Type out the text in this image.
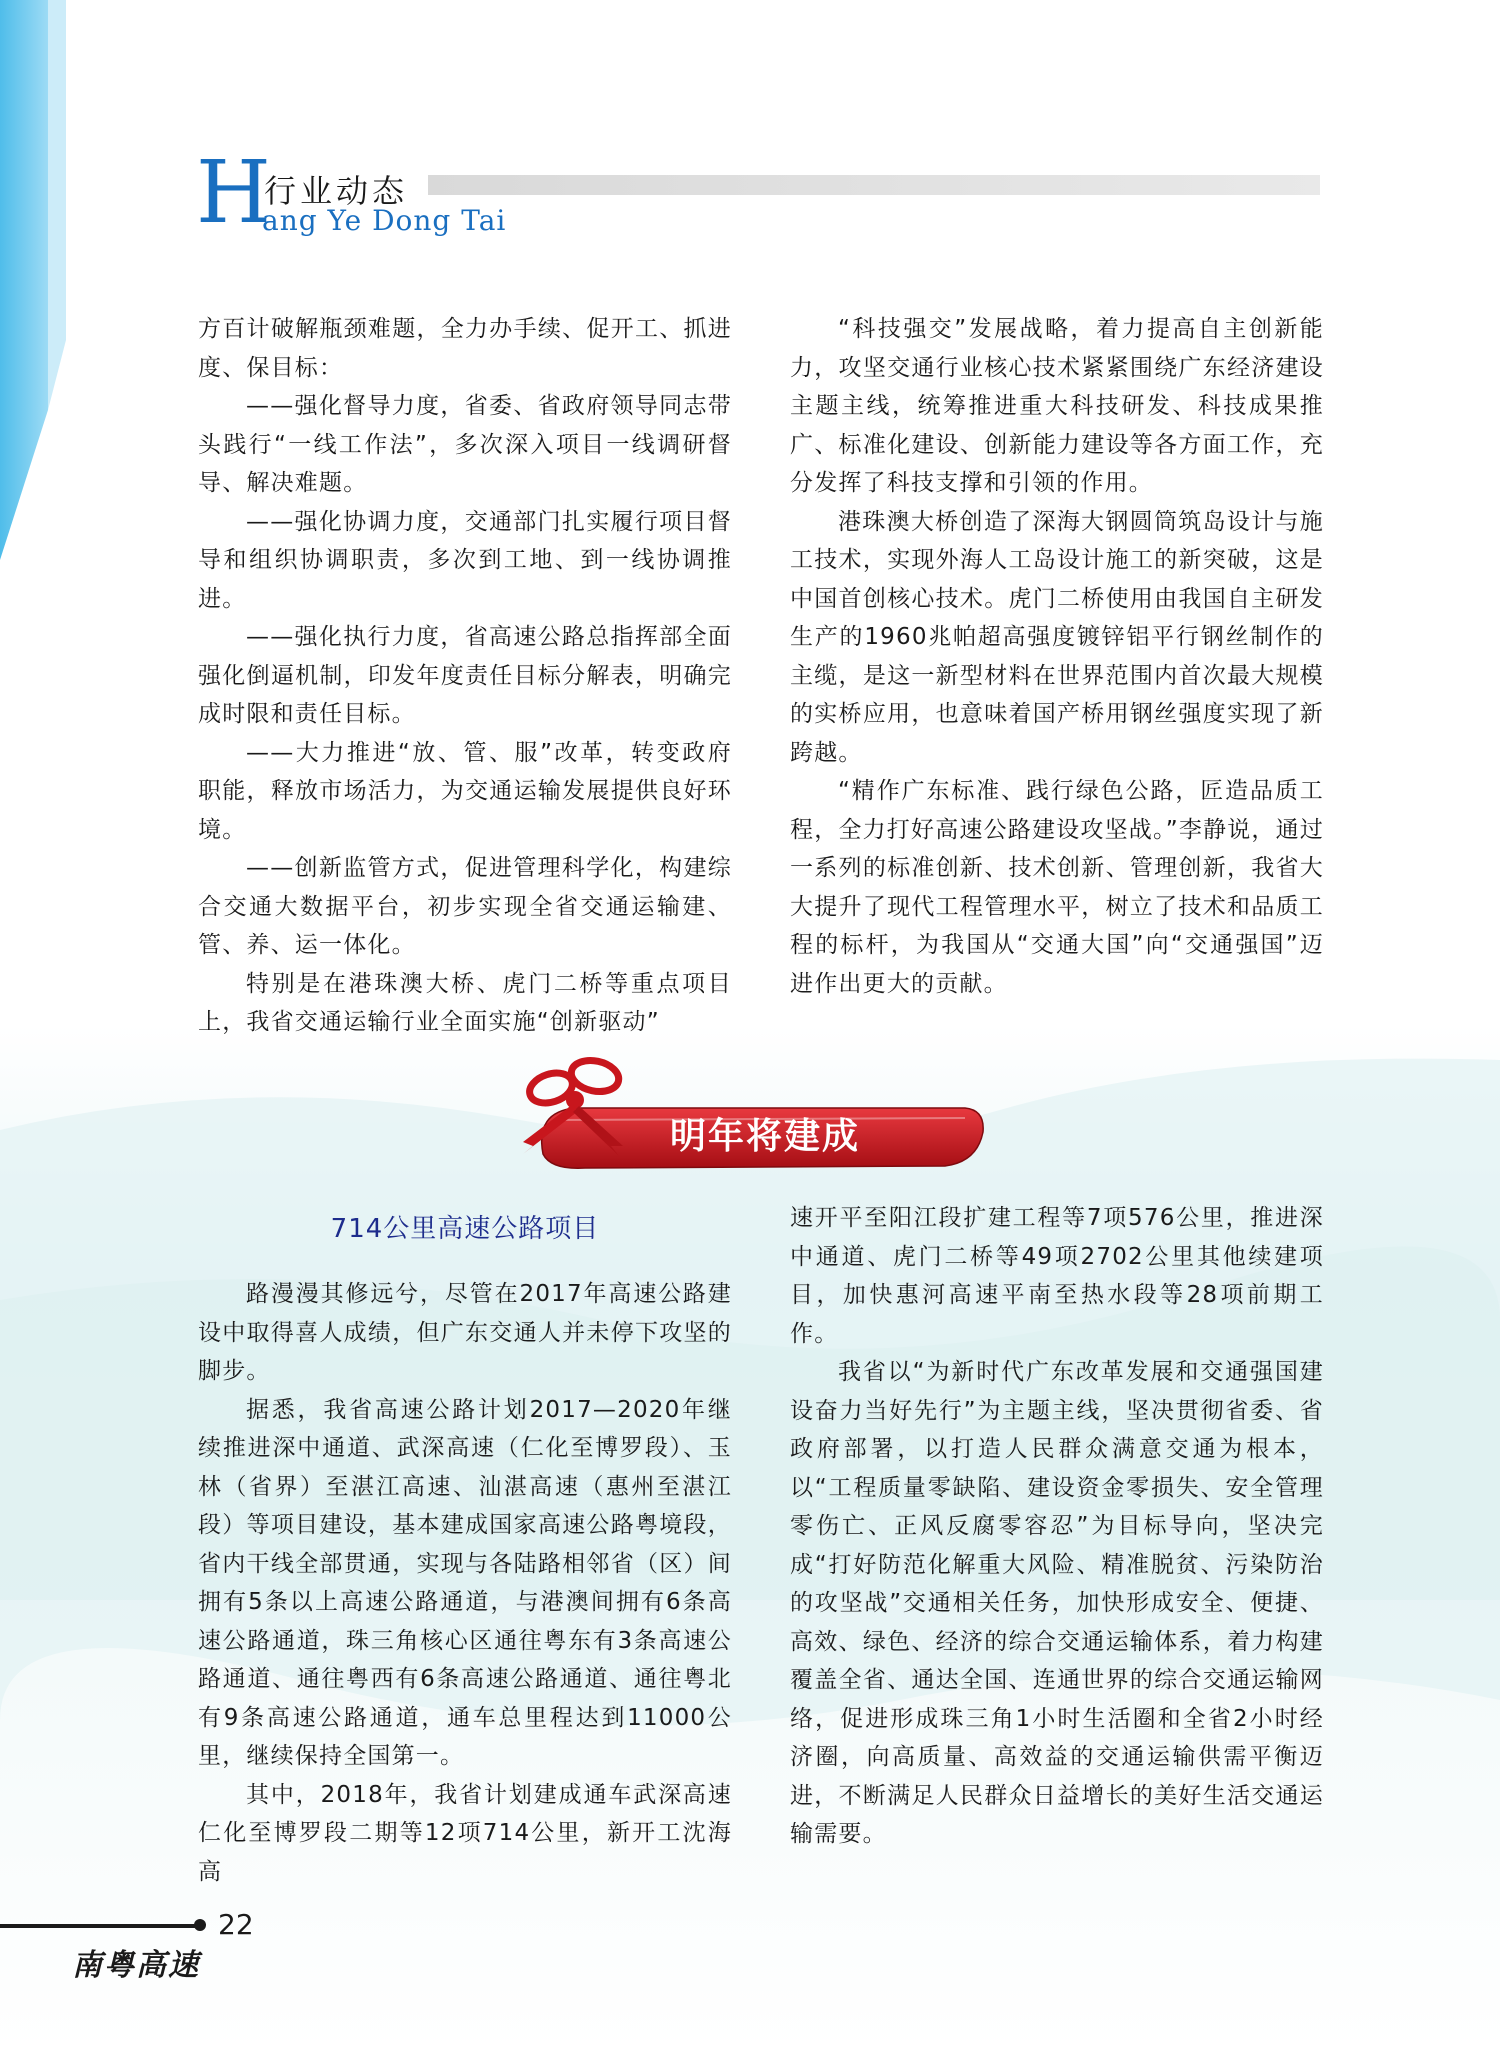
H
行业动态
ang Ye Dong Tai

方百计破解瓶颈难题，全力办手续、促开工、抓进度、保目标：

——强化督导力度，省委、省政府领导同志带头践行“一线工作法”，多次深入项目一线调研督导、解决难题。

——强化协调力度，交通部门扎实履行项目督导和组织协调职责，多次到工地、到一线协调推进。

——强化执行力度，省高速公路总指挥部全面强化倒逼机制，印发年度责任目标分解表，明确完成时限和责任目标。

——大力推进“放、管、服”改革，转变政府职能，释放市场活力，为交通运输发展提供良好环境。

——创新监管方式，促进管理科学化，构建综合交通大数据平台，初步实现全省交通运输建、管、养、运一体化。

特别是在港珠澳大桥、虎门二桥等重点项目上，我省交通运输行业全面实施“创新驱动”

“科技强交”发展战略，着力提高自主创新能力，攻坚交通行业核心技术紧紧围绕广东经济建设主题主线，统筹推进重大科技研发、科技成果推广、标准化建设、创新能力建设等各方面工作，充分发挥了科技支撑和引领的作用。

港珠澳大桥创造了深海大钢圆筒筑岛设计与施工技术，实现外海人工岛设计施工的新突破，这是中国首创核心技术。虎门二桥使用由我国自主研发生产的1960兆帕超高强度镀锌铝平行钢丝制作的主缆，是这一新型材料在世界范围内首次最大规模的实桥应用，也意味着国产桥用钢丝强度实现了新跨越。

“精作广东标准、践行绿色公路，匠造品质工程，全力打好高速公路建设攻坚战。”李静说，通过一系列的标准创新、技术创新、管理创新，我省大大提升了现代工程管理水平，树立了技术和品质工程的标杆，为我国从“交通大国”向“交通强国”迈进作出更大的贡献。

明年将建成
714公里高速公路项目

路漫漫其修远兮，尽管在2017年高速公路建设中取得喜人成绩，但广东交通人并未停下攻坚的脚步。

据悉，我省高速公路计划2017—2020年继续推进深中通道、武深高速（仁化至博罗段）、玉林（省界）至湛江高速、汕湛高速（惠州至湛江段）等项目建设，基本建成国家高速公路粤境段，省内干线全部贯通，实现与各陆路相邻省（区）间拥有5条以上高速公路通道，与港澳间拥有6条高速公路通道，珠三角核心区通往粤东有3条高速公路通道、通往粤西有6条高速公路通道、通往粤北有9条高速公路通道，通车总里程达到11000公里，继续保持全国第一。

其中，2018年，我省计划建成通车武深高速仁化至博罗段二期等12项714公里，新开工沈海高

速开平至阳江段扩建工程等7项576公里，推进深中通道、虎门二桥等49项2702公里其他续建项目，加快惠河高速平南至热水段等28项前期工作。

我省以“为新时代广东改革发展和交通强国建设奋力当好先行”为主题主线，坚决贯彻省委、省政府部署，以打造人民群众满意交通为根本，以“工程质量零缺陷、建设资金零损失、安全管理零伤亡、正风反腐零容忍”为目标导向，坚决完成“打好防范化解重大风险、精准脱贫、污染防治的攻坚战”交通相关任务，加快形成安全、便捷、高效、绿色、经济的综合交通运输体系，着力构建覆盖全省、通达全国、连通世界的综合交通运输网络，促进形成珠三角1小时生活圈和全省2小时经济圈，向高质量、高效益的交通运输供需平衡迈进，不断满足人民群众日益增长的美好生活交通运输需要。

22
南粤高速
